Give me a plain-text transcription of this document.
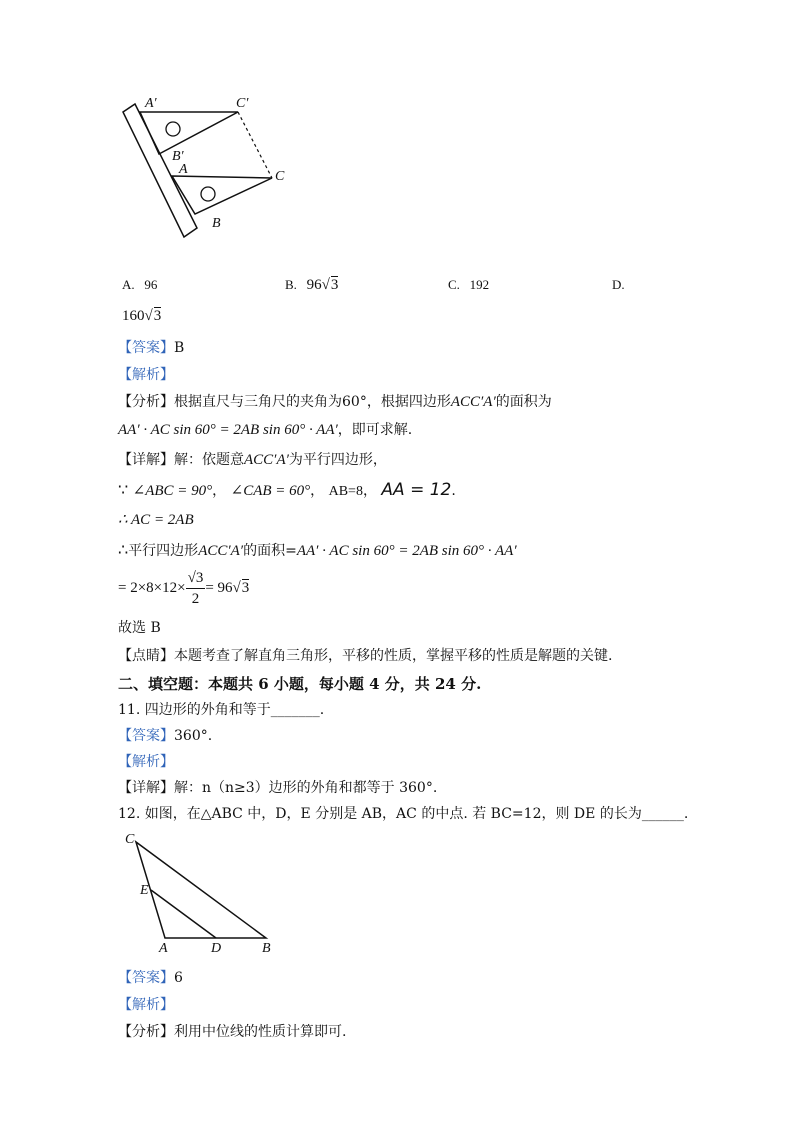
A′	C′
B′
A	C
B
A. 96	B. 96√3	C. 192	D.
160√3
【答案】B
【解析】
【分析】根据直尺与三角尺的夹角为60°，根据四边形ACC′A′的面积为
AA′ · AC sin 60° = 2AB sin 60° · AA′，即可求解.
【详解】解：依题意ACC′A′为平行四边形，
∵ ∠ABC = 90°， ∠CAB = 60°， AB=8， AA = 12.
∴ AC = 2AB
∴平行四边形ACC′A′的面积=AA′ · AC sin 60° = 2AB sin 60° · AA′
= $2\times 8\times 12\times \frac{√3}{2} = 96√3$
故选 B
【点睛】本题考查了解直角三角形，平移的性质，掌握平移的性质是解题的关键.
二、填空题：本题共 6 小题，每小题 4 分，共 24 分.
11. 四边形的外角和等于_______.
【答案】360°.
【解析】
【详解】解：n（n≥3）边形的外角和都等于 360°.
12. 如图，在△ABC 中，D，E 分别是 AB，AC 的中点. 若 BC=12，则 DE 的长为______.
C
E
A	D	B
【答案】6
【解析】
【分析】利用中位线的性质计算即可.
